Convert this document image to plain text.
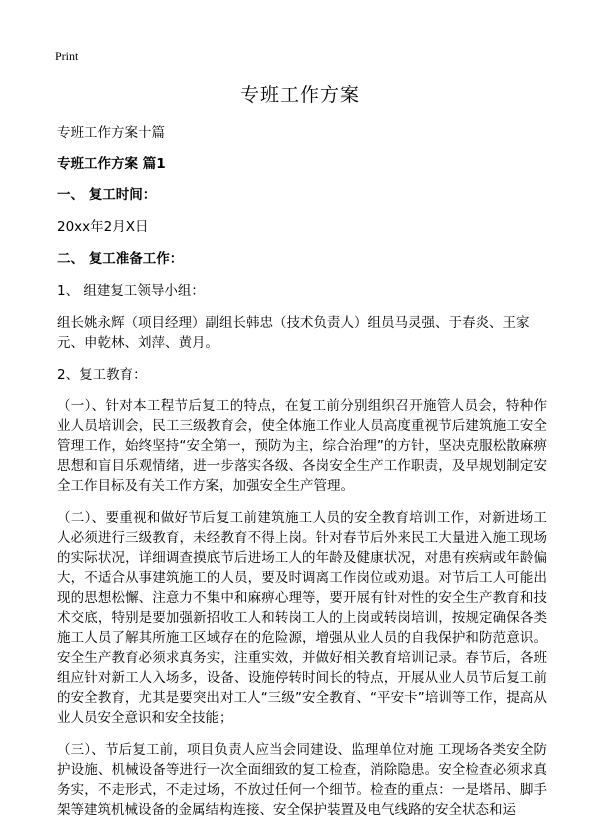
Print
专班工作方案

专班工作方案十篇

专班工作方案 篇1

一、 复工时间：

20xx年2月X日

二、 复工准备工作：

1、 组建复工领导小组：

组长姚永辉（项目经理）副组长韩忠（技术负责人）组员马灵强、于春炎、王家元、申乾林、刘萍、黄月。

2、复工教育：

（一）、针对本工程节后复工的特点，在复工前分别组织召开施管人员会，特种作业人员培训会，民工三级教育会，使全体施工作业人员高度重视节后建筑施工安全管理工作，始终坚持“安全第一，预防为主，综合治理”的方针，坚决克服松散麻痹思想和盲目乐观情绪，进一步落实各级、各岗安全生产工作职责，及早规划制定安全工作目标及有关工作方案，加强安全生产管理。

（二）、要重视和做好节后复工前建筑施工人员的安全教育培训工作，对新进场工人必须进行三级教育，未经教育不得上岗。针对春节后外来民工大量进入施工现场的实际状况，详细调查摸底节后进场工人的年龄及健康状况，对患有疾病或年龄偏大，不适合从事建筑施工的人员，要及时调离工作岗位或劝退。对节后工人可能出现的思想松懈、注意力不集中和麻痹心理等，要开展有针对性的安全生产教育和技术交底，特别是要加强新招收工人和转岗工人的上岗或转岗培训，按规定确保各类施工人员了解其所施工区域存在的危险源，增强从业人员的自我保护和防范意识。安全生产教育必须求真务实，注重实效，并做好相关教育培训记录。春节后，各班组应针对新工人入场多，设备、设施停转时间长的特点，开展从业人员节后复工前的安全教育，尤其是要突出对工人“三级”安全教育、“平安卡”培训等工作，提高从业人员安全意识和安全技能；

（三）、节后复工前，项目负责人应当会同建设、监理单位对施 工现场各类安全防护设施、机械设备等进行一次全面细致的复工检查，消除隐患。安全检查必须求真务实，不走形式，不走过场，不放过任何一个细节。检查的重点：一是塔吊、脚手架等建筑机械设备的金属结构连接、安全保护装置及电气线路的安全状态和运
